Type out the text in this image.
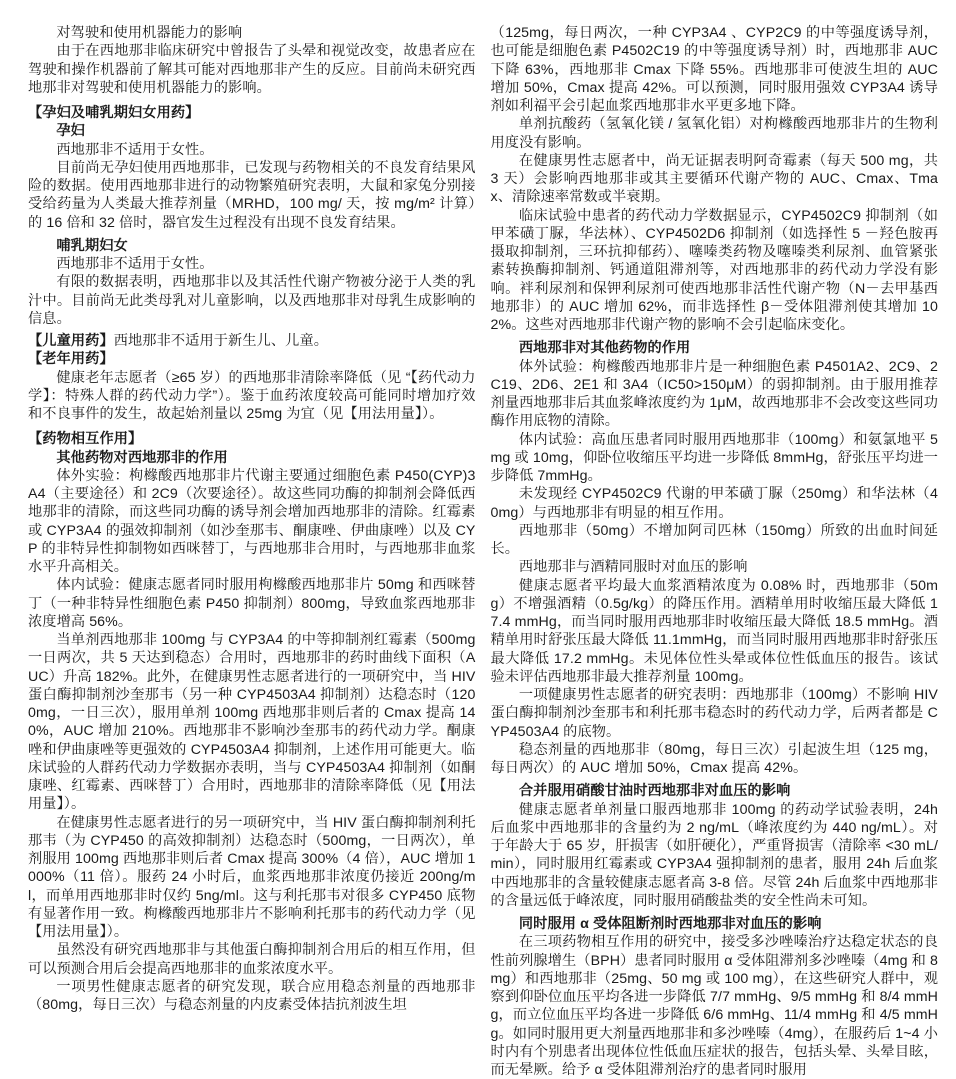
对驾驶和使用机器能力的影响

由于在西地那非临床研究中曾报告了头晕和视觉改变，故患者应在驾驶和操作机器前了解其可能对西地那非产生的反应。目前尚未研究西地那非对驾驶和使用机器能力的影响。

【孕妇及哺乳期妇女用药】

孕妇

西地那非不适用于女性。

目前尚无孕妇使用西地那非，已发现与药物相关的不良发育结果风险的数据。使用西地那非进行的动物繁殖研究表明，大鼠和家兔分别接受给药量为人类最大推荐剂量（MRHD，100 mg/ 天，按 mg/m² 计算）的 16 倍和 32 倍时，器官发生过程没有出现不良发育结果。

哺乳期妇女

西地那非不适用于女性。

有限的数据表明，西地那非以及其活性代谢产物被分泌于人类的乳汁中。目前尚无此类母乳对儿童影响，以及西地那非对母乳生成影响的信息。

【儿童用药】西地那非不适用于新生儿、儿童。

【老年用药】

健康老年志愿者（≥65 岁）的西地那非清除率降低（见 “【药代动力学】：特殊人群的药代动力学”）。鉴于血药浓度较高可能同时增加疗效和不良事件的发生，故起始剂量以 25mg 为宜（见【用法用量】）。

【药物相互作用】

其他药物对西地那非的作用

体外实验：枸橼酸西地那非片代谢主要通过细胞色素 P450(CYP)3A4（主要途径）和 2C9（次要途径）。故这些同功酶的抑制剂会降低西地那非的清除，而这些同功酶的诱导剂会增加西地那非的清除。红霉素或 CYP3A4 的强效抑制剂（如沙奎那韦、酮康唑、伊曲康唑）以及 CYP 的非特异性抑制物如西咪替丁，与西地那非合用时，与西地那非血浆水平升高相关。

体内试验：健康志愿者同时服用枸橼酸西地那非片 50mg 和西咪替丁（一种非特异性细胞色素 P450 抑制剂）800mg，导致血浆西地那非浓度增高 56%。

当单剂西地那非 100mg 与 CYP3A4 的中等抑制剂红霉素（500mg 一日两次，共 5 天达到稳态）合用时，西地那非的药时曲线下面积（AUC）升高 182%。此外，在健康男性志愿者进行的一项研究中，当 HIV 蛋白酶抑制剂沙奎那韦（另一种 CYP4503A4 抑制剂）达稳态时（1200mg，一日三次），服用单剂 100mg 西地那非则后者的 Cmax 提高 140%，AUC 增加 210%。西地那非不影响沙奎那韦的药代动力学。酮康唑和伊曲康唑等更强效的 CYP4503A4 抑制剂，上述作用可能更大。临床试验的人群药代动力学数据亦表明，当与 CYP4503A4 抑制剂（如酮康唑、红霉素、西咪替丁）合用时，西地那非的清除率降低（见【用法用量】）。

在健康男性志愿者进行的另一项研究中，当 HIV 蛋白酶抑制剂利托那韦（为 CYP450 的高效抑制剂）达稳态时（500mg，一日两次），单剂服用 100mg 西地那非则后者 Cmax 提高 300%（4 倍），AUC 增加 1000%（11 倍）。服药 24 小时后，血浆西地那非浓度仍接近 200ng/ml，而单用西地那非时仅约 5ng/ml。这与利托那韦对很多 CYP450 底物有显著作用一致。枸橼酸西地那非片不影响利托那韦的药代动力学（见【用法用量】）。

虽然没有研究西地那非与其他蛋白酶抑制剂合用后的相互作用，但可以预测合用后会提高西地那非的血浆浓度水平。

一项男性健康志愿者的研究发现，联合应用稳态剂量的西地那非（80mg，每日三次）与稳态剂量的内皮素受体拮抗剂波生坦

（125mg，每日两次，一种 CYP3A4 、CYP2C9 的中等强度诱导剂，也可能是细胞色素 P4502C19 的中等强度诱导剂）时，西地那非 AUC 下降 63%，西地那非 Cmax 下降 55%。西地那非可使波生坦的 AUC 增加 50%，Cmax 提高 42%。可以预测，同时服用强效 CYP3A4 诱导剂如利福平会引起血浆西地那非水平更多地下降。

单剂抗酸药（氢氧化镁 / 氢氧化铝）对枸橼酸西地那非片的生物利用度没有影响。

在健康男性志愿者中，尚无证据表明阿奇霉素（每天 500 mg，共 3 天）会影响西地那非或其主要循环代谢产物的 AUC、Cmax、Tmax、清除速率常数或半衰期。

临床试验中患者的药代动力学数据显示，CYP4502C9 抑制剂（如甲苯磺丁脲，华法林）、CYP4502D6 抑制剂（如选择性 5 －羟色胺再摄取抑制剂，三环抗抑郁药）、噻嗪类药物及噻嗪类利尿剂、血管紧张素转换酶抑制剂、钙通道阻滞剂等，对西地那非的药代动力学没有影响。袢利尿剂和保钾利尿剂可使西地那非活性代谢产物（N－去甲基西地那非）的 AUC 增加 62%，而非选择性 β－受体阻滞剂使其增加 102%。这些对西地那非代谢产物的影响不会引起临床变化。

西地那非对其他药物的作用

体外试验：枸橼酸西地那非片是一种细胞色素 P4501A2、2C9、2C19、2D6、2E1 和 3A4（IC50>150μM）的弱抑制剂。由于服用推荐剂量西地那非后其血浆峰浓度约为 1μM，故西地那非不会改变这些同功酶作用底物的清除。

体内试验：高血压患者同时服用西地那非（100mg）和氨氯地平 5mg 或 10mg，仰卧位收缩压平均进一步降低 8mmHg，舒张压平均进一步降低 7mmHg。

未发现经 CYP4502C9 代谢的甲苯磺丁脲（250mg）和华法林（40mg）与西地那非有明显的相互作用。

西地那非（50mg）不增加阿司匹林（150mg）所致的出血时间延长。

西地那非与酒精同服时对血压的影响

健康志愿者平均最大血浆酒精浓度为 0.08% 时，西地那非（50mg）不增强酒精（0.5g/kg）的降压作用。酒精单用时收缩压最大降低 17.4 mmHg，而当同时服用西地那非时收缩压最大降低 18.5 mmHg。酒精单用时舒张压最大降低 11.1mmHg，而当同时服用西地那非时舒张压最大降低 17.2 mmHg。未见体位性头晕或体位性低血压的报告。该试验未评估西地那非最大推荐剂量 100mg。

一项健康男性志愿者的研究表明：西地那非（100mg）不影响 HIV 蛋白酶抑制剂沙奎那韦和利托那韦稳态时的药代动力学，后两者都是 CYP4503A4 的底物。

稳态剂量的西地那非（80mg，每日三次）引起波生坦（125 mg，每日两次）的 AUC 增加 50%，Cmax 提高 42%。

合并服用硝酸甘油时西地那非对血压的影响

健康志愿者单剂量口服西地那非 100mg 的药动学试验表明，24h 后血浆中西地那非的含量约为 2 ng/mL（峰浓度约为 440 ng/mL）。对于年龄大于 65 岁，肝损害（如肝硬化），严重肾损害（清除率 <30 mL/min），同时服用红霉素或 CYP3A4 强抑制剂的患者，服用 24h 后血浆中西地那非的含量较健康志愿者高 3-8 倍。尽管 24h 后血浆中西地那非的含量远低于峰浓度，同时服用硝酸盐类的安全性尚未可知。

同时服用 α 受体阻断剂时西地那非对血压的影响

在三项药物相互作用的研究中，接受多沙唑嗪治疗达稳定状态的良性前列腺增生（BPH）患者同时服用 α 受体阻滞剂多沙唑嗪（4mg 和 8 mg）和西地那非（25mg、50 mg 或 100 mg），在这些研究人群中，观察到仰卧位血压平均各进一步降低 7/7 mmHg、9/5 mmHg 和 8/4 mmHg，而立位血压平均各进一步降低 6/6 mmHg、11/4 mmHg 和 4/5 mmHg。如同时服用更大剂量西地那非和多沙唑嗪（4mg），在服药后 1~4 小时内有个别患者出现体位性低血压症状的报告，包括头晕、头晕目眩，而无晕厥。给予 α 受体阻滞剂治疗的患者同时服用
